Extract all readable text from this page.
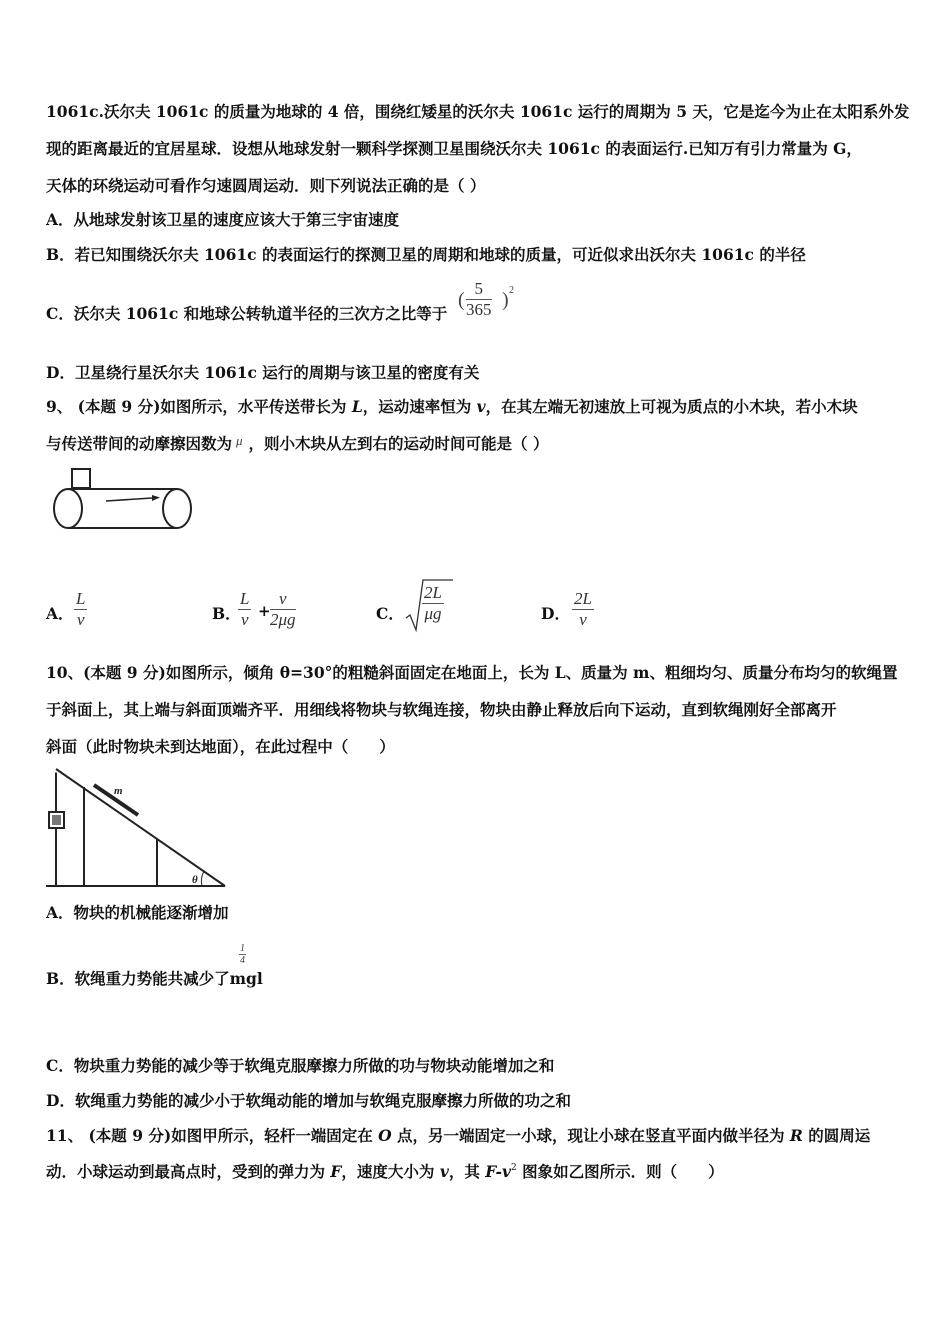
1061c.沃尔夫 1061c 的质量为地球的 4 倍，围绕红矮星的沃尔夫 1061c 运行的周期为 5 天，它是迄今为止在太阳系外发
现的距离最近的宜居星球．设想从地球发射一颗科学探测卫星围绕沃尔夫 1061c 的表面运行.已知万有引力常量为 G，
天体的环绕运动可看作匀速圆周运动．则下列说法正确的是（ ）
A．从地球发射该卫星的速度应该大于第三宇宙速度
B．若已知围绕沃尔夫 1061c 的表面运行的探测卫星的周期和地球的质量，可近似求出沃尔夫 1061c 的半径
C．沃尔夫 1061c 和地球公转轨道半径的三次方之比等于
( $\frac{5}{365}$ ) 2
D．卫星绕行星沃尔夫 1061c 运行的周期与该卫星的密度有关
9、 (本题 9 分)如图所示，水平传送带长为 L，运动速率恒为 v，在其左端无初速放上可视为质点的小木块，若小木块
与传送带间的动摩擦因数为 $^\mu$ ，则小木块从左到右的运动时间可能是（ ）
A． $\frac{L}{v}$	B．
$\frac{L}{v} + \frac{v}{2\mu g}$	C． $\frac{2L}{\mu g}$	D． $\frac{2L}{v}$
10、(本题 9 分)如图所示，倾角 θ=30°的粗糙斜面固定在地面上，长为 L、质量为 m、粗细均匀、质量分布均匀的软绳置
于斜面上，其上端与斜面顶端齐平．用细线将物块与软绳连接，物块由静止释放后向下运动，直到软绳刚好全部离开
斜面（此时物块未到达地面），在此过程中（　　）
m
θ
A．物块的机械能逐渐增加
B．软绳重力势能共减少了mgl
1
4
C．物块重力势能的减少等于软绳克服摩擦力所做的功与物块动能增加之和
D．软绳重力势能的减少小于软绳动能的增加与软绳克服摩擦力所做的功之和
11、 (本题 9 分)如图甲所示，轻杆一端固定在 O 点，另一端固定一小球，现让小球在竖直平面内做半径为 R 的圆周运
动．小球运动到最高点时，受到的弹力为 F，速度大小为 v，其 $F-v^2$ 图象如乙图所示．则（　　）
